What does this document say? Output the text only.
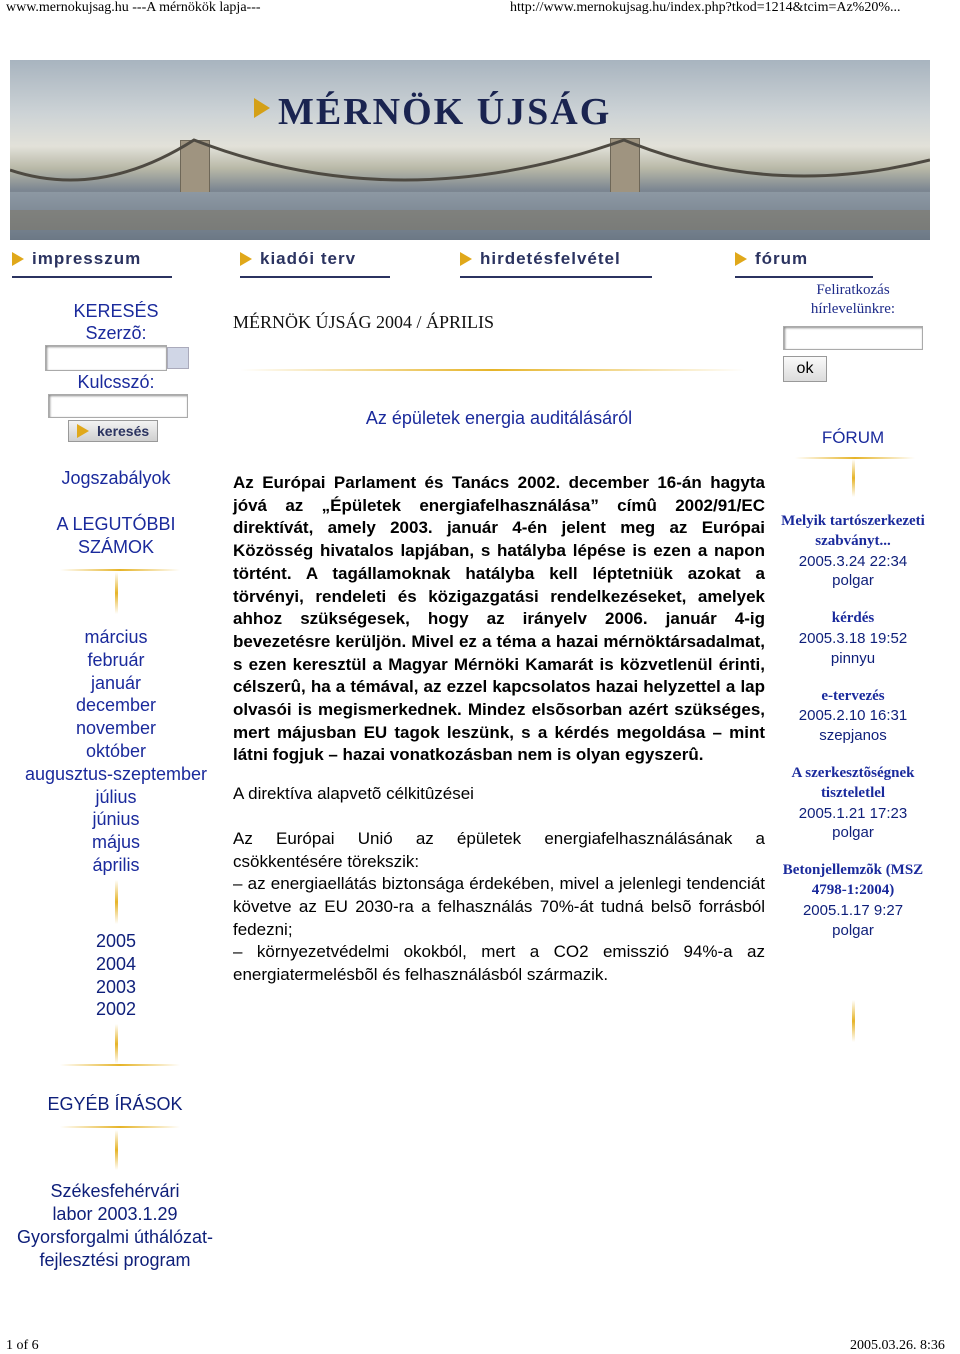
www.mernokujsag.hu ---A mérnökök lapja---	http://www.mernokujsag.hu/index.php?tkod=1214&tcim=Az%20%...
1 of 6	2005.03.26. 8:36
MÉRNÖK ÚJSÁG
impresszum	kiadói terv	hirdetésfelvétel	fórum
KERESÉS
Szerzõ:
Kulcsszó:
keresés
Jogszabályok
A LEGUTÓBBI SZÁMOK
március
február
január
december
november
október
augusztus-szeptember
július
június
május
április
2005
2004
2003
2002
EGYÉB ÍRÁSOK
Székesfehérvári labor 2003.1.29
Gyorsforgalmi úthálózat-fejlesztési program
MÉRNÖK ÚJSÁG 2004 / ÁPRILIS
Az épületek energia auditálásáról

Az Európai Parlament és Tanács 2002. december 16-án hagyta jóvá az „Épületek energiafelhasználása” címû 2002/91/EC direktívát, amely 2003. január 4-én jelent meg az Európai Közösség hivatalos lapjában, s hatályba lépése is ezen a napon történt. A tagállamoknak hatályba kell léptetniük azokat a törvényi, rendeleti és közigazgatási rendelkezéseket, amelyek ahhoz szükségesek, hogy az irányelv 2006. január 4-ig bevezetésre kerüljön. Mivel ez a téma a hazai mérnöktársadalmat, s ezen keresztül a Magyar Mérnöki Kamarát is közvetlenül érinti, célszerû, ha a témával, az ezzel kapcsolatos hazai helyzettel a lap olvasói is megismerkednek. Mindez elsõsorban azért szükséges, mert májusban EU tagok leszünk, s a kérdés megoldása – mint látni fogjuk – hazai vonatkozásban nem is olyan egyszerû.

A direktíva alapvetõ célkitûzései

Az Európai Unió az épületek energiafelhasználásának a csökkentésére törekszik:

– az energiaellátás biztonsága érdekében, mivel a jelenlegi tendenciát követve az EU 2030-ra a felhasználás 70%-át tudná belsõ forrásból fedezni;

– környezetvédelmi okokból, mert a CO2 emisszió 94%-a az energiatermelésbõl és felhasználásból származik.

Feliratkozás hírlevelünkre:
ok
FÓRUM
Melyik tartószerkezeti szabványt...
2005.3.24 22:34
polgar
kérdés
2005.3.18 19:52
pinnyu
e-tervezés
2005.2.10 16:31
szepjanos
A szerkesztõségnek tiszteletlel
2005.1.21 17:23
polgar
Betonjellemzõk (MSZ 4798-1:2004)
2005.1.17 9:27
polgar
